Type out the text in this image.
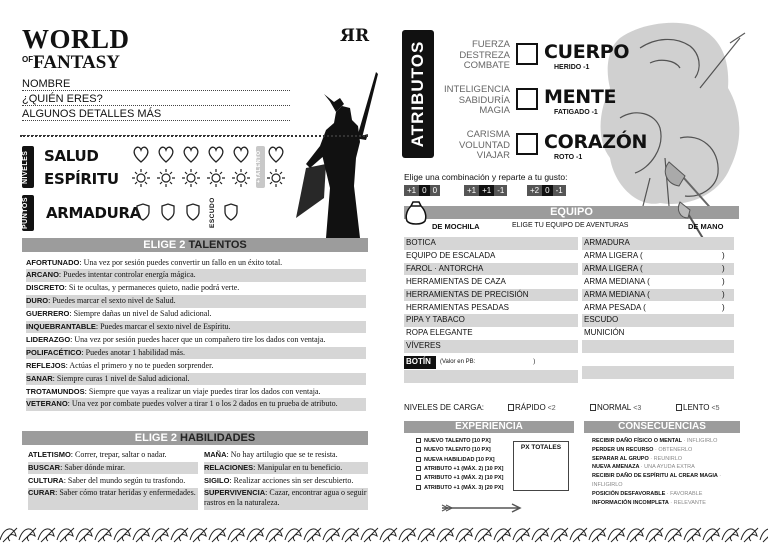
WORLD
$^{OF}$FANTASY
ЯR
NOMBRE
¿QUIÉN ERES?
ALGUNOS DETALLES MÁS
NIVELES	SALUD
ESPÍRITU	+TALENTO
PUNTOS	ARMADURA	ESCUDO
ELIGE 2 TALENTOS
AFORTUNADO: Una vez por sesión puedes convertir un fallo en un éxito total.
ARCANO: Puedes intentar controlar energía mágica.
DISCRETO: Si te ocultas, y permaneces quieto, nadie podrá verte.
DURO: Puedes marcar el sexto nivel de Salud.
GUERRERO: Siempre dañas un nivel de Salud adicional.
INQUEBRANTABLE: Puedes marcar el sexto nivel de Espíritu.
LIDERAZGO: Una vez por sesión puedes hacer que un compañero tire los dados con ventaja.
POLIFACÉTICO: Puedes anotar 1 habilidad más.
REFLEJOS: Actúas el primero y no te pueden sorprender.
SANAR: Siempre curas 1 nivel de Salud adicional.
TROTAMUNDOS: Siempre que vayas a realizar un viaje puedes tirar los dados con ventaja.
VETERANO: Una vez por combate puedes volver a tirar 1 o los 2 dados en tu prueba de atributo.
ELIGE 2 HABILIDADES
ATLETISMO: Correr, trepar, saltar o nadar.
BUSCAR: Saber dónde mirar.
CULTURA: Saber del mundo según tu trasfondo.
CURAR: Saber cómo tratar heridas y enfermedades.
MAÑA: No hay artilugio que se te resista.
RELACIONES: Manipular en tu beneficio.
SIGILO: Realizar acciones sin ser descubierto.
SUPERVIVENCIA: Cazar, encontrar agua o seguir rastros en la naturaleza.
ATRIBUTOS	FUERZA
DESTREZA
COMBATE
CUERPO
HERIDO -1
INTELIGENCIA
SABIDURÍA
MAGIA
MENTE
FATIGADO -1
CARISMA
VOLUNTAD
VIAJAR
CORAZÓN
ROTO -1
Elige una combinación y reparte a tu gusto:
+1 0 0	+1 +1 -1	+2 0 -1
EQUIPO
DE MOCHILA	ELIGE TU EQUIPO DE AVENTURAS	DE MANO
BOTICA
EQUIPO DE ESCALADA
FAROL · ANTORCHA
HERRAMIENTAS DE CAZA
HERRAMIENTAS DE PRECISIÓN
HERRAMIENTAS PESADAS
PIPA Y TABACO
ROPA ELEGANTE
VÍVERES
ARMADURA
ARMA LIGERA (	)
ARMA LIGERA (	)
ARMA MEDIANA (	)
ARMA MEDIANA (	)
ARMA PESADA (	)
ESCUDO
MUNICIÓN
BOTÍN	(Valor en PB:	)
NIVELES DE CARGA:	RÁPIDO <2	NORMAL <3	LENTO <5
EXPERIENCIA
NUEVO TALENTO [10 PX]
NUEVO TALENTO [10 PX]
NUEVA HABILIDAD [10 PX]
ATRIBUTO +1 (MÁX. 2) [10 PX]
ATRIBUTO +1 (MÁX. 2) [10 PX]
ATRIBUTO +1 (MÁX. 3) [20 PX]
PX TOTALES
CONSECUENCIAS
RECIBIR DAÑO FÍSICO O MENTAL · INFLIGIRLO
PERDER UN RECURSO · OBTENERLO
SEPARAR AL GRUPO · REUNIRLO
NUEVA AMENAZA · UNA AYUDA EXTRA
RECIBIR DAÑO DE ESPÍRITU AL CREAR MAGIA ·
INFLIGIRLO
POSICIÓN DESFAVORABLE · FAVORABLE
INFORMACIÓN INCOMPLETA · RELEVANTE
